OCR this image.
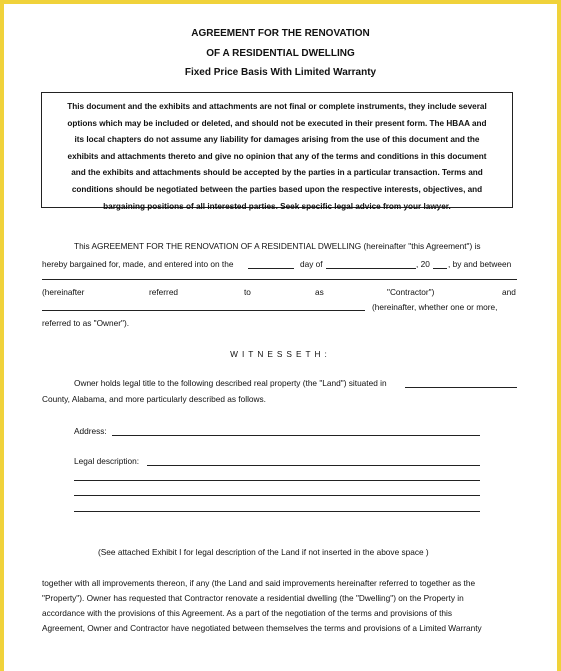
AGREEMENT FOR THE RENOVATION
OF A RESIDENTIAL DWELLING
Fixed Price Basis With Limited Warranty
This document and the exhibits and attachments are not final or complete instruments, they include several
options which may be included or deleted, and should not be executed in their present form. The HBAA and
its local chapters do not assume any liability for damages arising from the use of this document and the
exhibits and attachments thereto and give no opinion that any of the terms and conditions in this document
and the exhibits and attachments should be accepted by the parties in a particular transaction. Terms and
conditions should be negotiated between the parties based upon the respective interests, objectives, and
bargaining positions of all interested parties. Seek specific legal advice from your lawyer.
This AGREEMENT FOR THE RENOVATION OF A RESIDENTIAL DWELLING (hereinafter "this Agreement") is
hereby bargained for, made, and entered into on the	day of	, 20 , by and between
(hereinafter	referred	to	as	"Contractor")	and
(hereinafter, whether one or more,
referred to as "Owner").
WITNESSETH:
Owner holds legal title to the following described real property (the "Land") situated in
County, Alabama, and more particularly described as follows.
Address:
Legal description:
(See attached Exhibit I for legal description of the Land if not inserted in the above space )
together with all improvements thereon, if any (the Land and said improvements hereinafter referred to together as the
"Property"). Owner has requested that Contractor renovate a residential dwelling (the "Dwelling") on the Property in
accordance with the provisions of this Agreement. As a part of the negotiation of the terms and provisions of this
Agreement, Owner and Contractor have negotiated between themselves the terms and provisions of a Limited Warranty
